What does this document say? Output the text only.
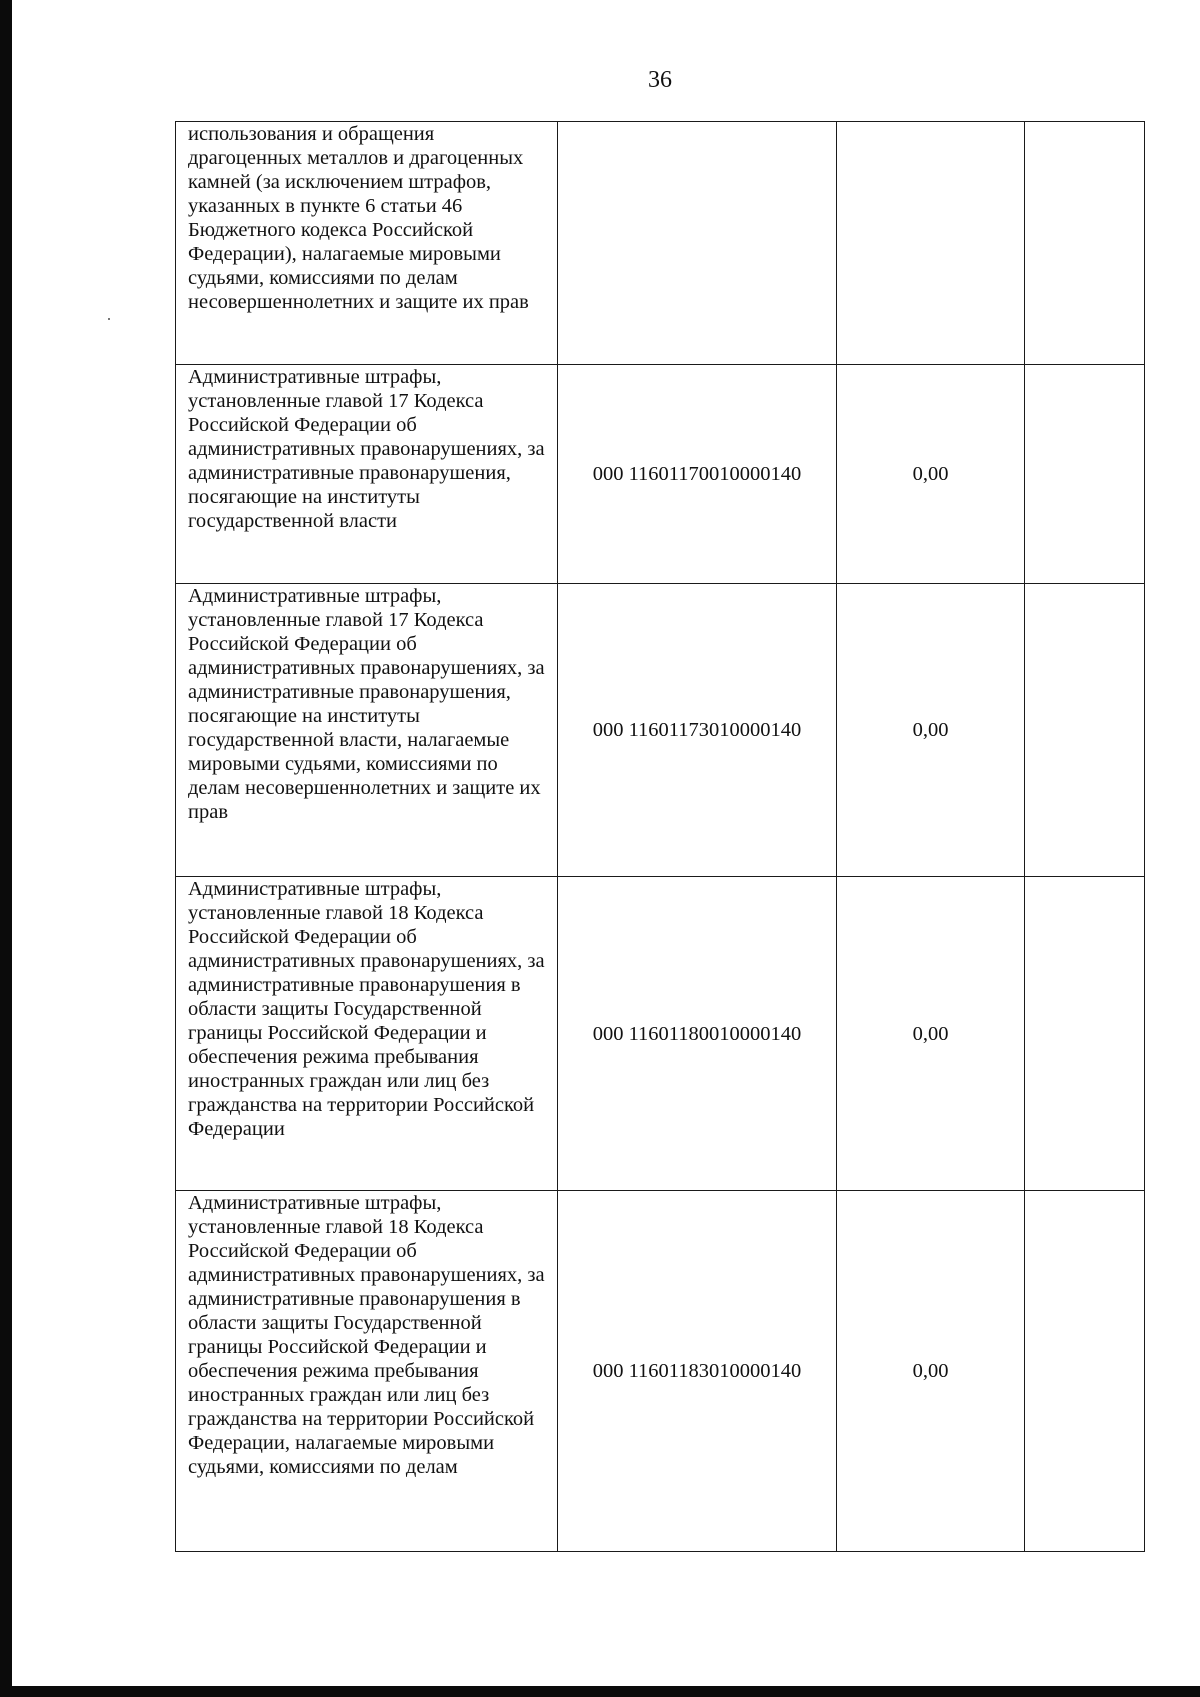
36
использования и обращения драгоценных металлов и драгоценных камней (за исключением штрафов, указанных в пункте 6 статьи 46 Бюджетного кодекса Российской Федерации), налагаемые мировыми судьями, комиссиями по делам несовершеннолетних и защите их прав			
Административные штрафы, установленные главой 17 Кодекса Российской Федерации об административных правонарушениях, за административные правонарушения, посягающие на институты государственной власти	000 11601170010000140	0,00	
Административные штрафы, установленные главой 17 Кодекса Российской Федерации об административных правонарушениях, за административные правонарушения, посягающие на институты государственной власти, налагаемые мировыми судьями, комиссиями по делам несовершеннолетних и защите их прав	000 11601173010000140	0,00	
Административные штрафы, установленные главой 18 Кодекса Российской Федерации об административных правонарушениях, за административные правонарушения в области защиты Государственной границы Российской Федерации и обеспечения режима пребывания иностранных граждан или лиц без гражданства на территории Российской Федерации	000 11601180010000140	0,00	
Административные штрафы, установленные главой 18 Кодекса Российской Федерации об административных правонарушениях, за административные правонарушения в области защиты Государственной границы Российской Федерации и обеспечения режима пребывания иностранных граждан или лиц без гражданства на территории Российской Федерации, налагаемые мировыми судьями, комиссиями по делам	000 11601183010000140	0,00	
